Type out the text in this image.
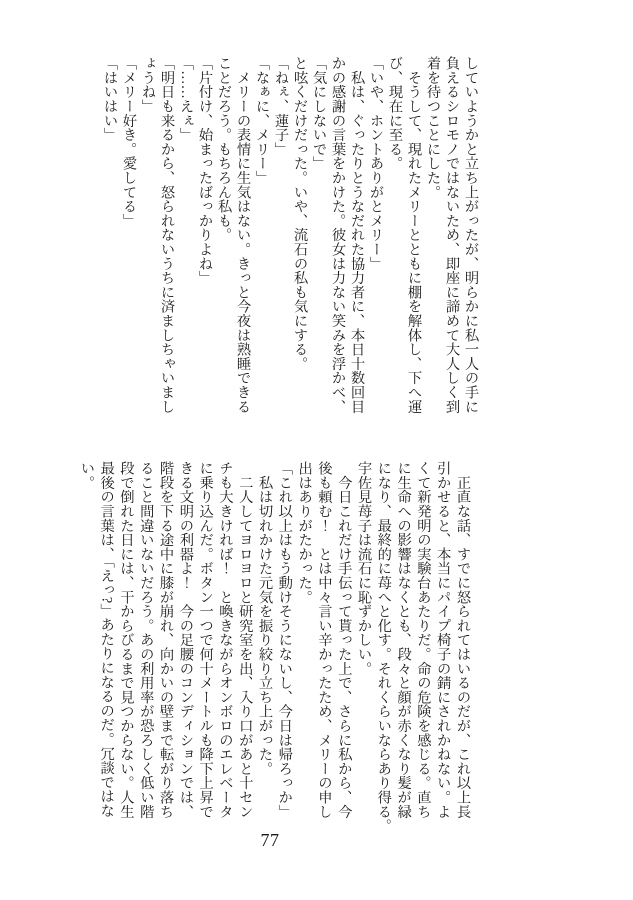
していようかと立ち上がったが、明らかに私一人の手に
負えるシロモノではないため、即座に諦めて大人しく到
着を待つことにした。
　そうして、現れたメリーとともに棚を解体し、下へ運
び、現在に至る。
「いや、ホントありがとメリー」
　私は、ぐったりとうなだれた協力者に、本日十数回目
かの感謝の言葉をかけた。彼女は力ない笑みを浮かべ、
「気にしないで」
と呟くだけだった。いや、流石の私も気にする。
「ねぇ、蓮子」
「なぁに、メリー」
　メリーの表情に生気はない。きっと今夜は熟睡できる
ことだろう。もちろん私も。
「片付け、始まったばっかりよね」
「……えぇ」
「明日も来るから、怒られないうちに済ましちゃいまし
ょうね」
「メリー好き。愛してる」
「はいはい」
　正直な話、すでに怒られてはいるのだが、これ以上長
引かせると、本当にパイプ椅子の錆にされかねない。よ
くて新発明の実験台あたりだ。命の危険を感じる。直ち
に生命への影響はなくとも、段々と顔が赤くなり髪が緑
になり、最終的に苺へと化す。それくらいならあり得る。
宇佐見苺子は流石に恥ずかしい。
　今日これだけ手伝って貰った上で、さらに私から、今
後も頼む！　とは中々言い辛かったため、メリーの申し
出はありがたかった。
「これ以上はもう動けそうにないし、今日は帰ろっか」
　私は切れかけた元気を振り絞り立ち上がった。
　二人してヨロヨロと研究室を出、入り口があと十セン
チも大きければ！　と喚きながらオンボロのエレベータ
に乗り込んだ。ボタン一つで何十メートルも降下上昇で
きる文明の利器よ！　今の足腰のコンディションでは、
階段を下る途中に膝が崩れ、向かいの壁まで転がり落ち
ること間違いないだろう。あの利用率が恐ろしく低い階
段で倒れた日には、干からびるまで見つからない。人生
最後の言葉は、「えっ?」あたりになるのだ。冗談ではな
い。
77
